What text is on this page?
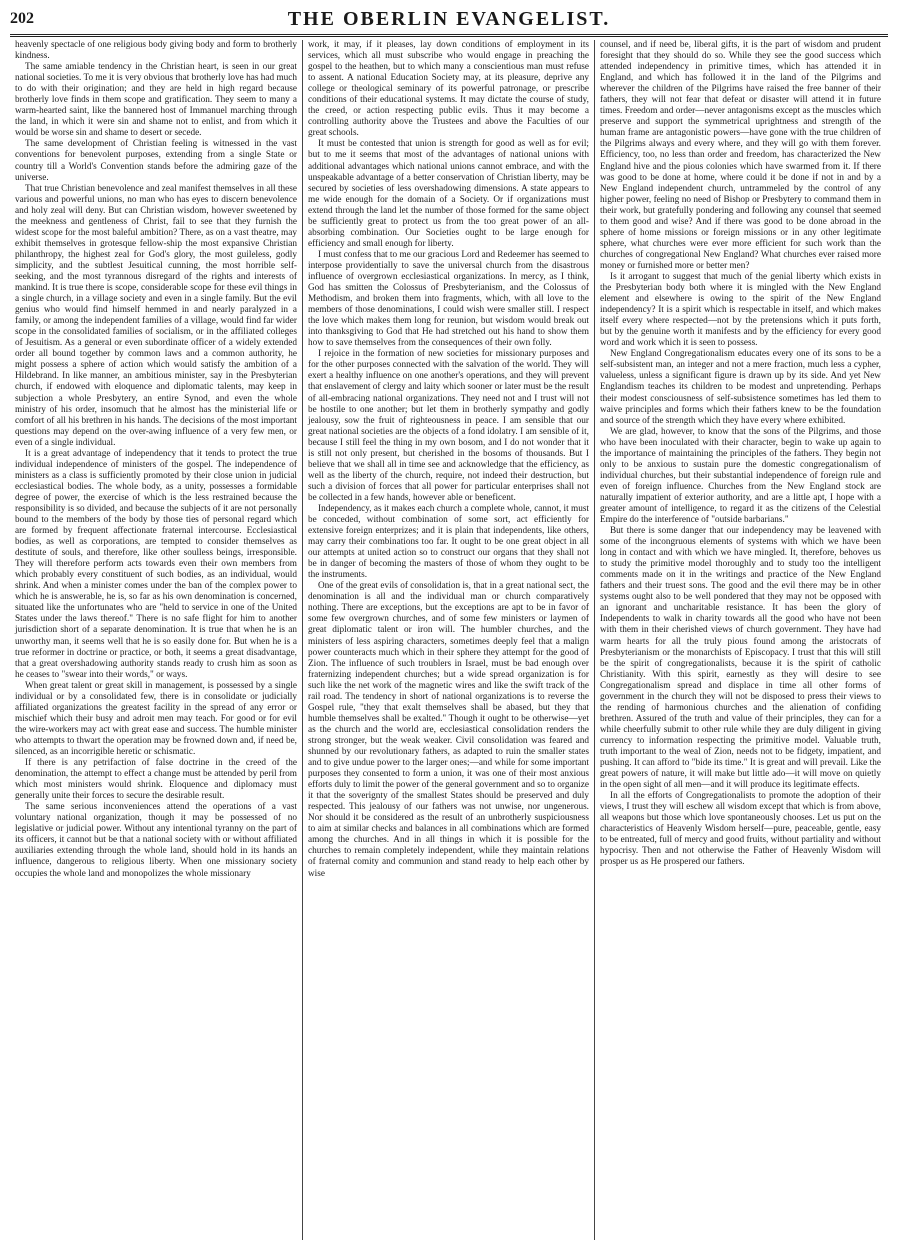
202	THE OBERLIN EVANGELIST.

heavenly spectacle of one religious body giving body and form to brotherly kindness.

The same amiable tendency in the Christian heart, is seen in our great national societies. To me it is very obvious that brotherly love has had much to do with their origination; and they are held in high regard because brotherly love finds in them scope and gratification. They seem to many a warm-hearted saint, like the bannered host of Immanuel marching through the land, in which it were sin and shame not to enlist, and from which it would be worse sin and shame to desert or secede.

The same development of Christian feeling is witnessed in the vast conventions for benevolent purposes, extending from a single State or country till a World's Convention stands before the admiring gaze of the universe.

That true Christian benevolence and zeal manifest themselves in all these various and powerful unions, no man who has eyes to discern benevolence and holy zeal will deny. But can Christian wisdom, however sweetened by the meekness and gentleness of Christ, fail to see that they furnish the widest scope for the most baleful ambition? There, as on a vast theatre, may exhibit themselves in grotesque fellow-ship the most expansive Christian philanthropy, the highest zeal for God's glory, the most guileless, godly simplicity, and the subtlest Jesuitical cunning, the most horrible self-seeking, and the most tyrannous disregard of the rights and interests of mankind. It is true there is scope, considerable scope for these evil things in a single church, in a village society and even in a single family. But the evil genius who would find himself hemmed in and nearly paralyzed in a family, or among the independent families of a village, would find far wider scope in the consolidated families of socialism, or in the affiliated colleges of Jesuitism. As a general or even subordinate officer of a widely extended order all bound together by common laws and a common authority, he might possess a sphere of action which would satisfy the ambition of a Hildebrand. In like manner, an ambitious minister, say in the Presbyterian church, if endowed with eloquence and diplomatic talents, may keep in subjection a whole Presbytery, an entire Synod, and even the whole ministry of his order, insomuch that he almost has the ministerial life or comfort of all his brethren in his hands. The decisions of the most important questions may depend on the over-awing influence of a very few men, or even of a single individual.

It is a great advantage of independency that it tends to protect the true individual independence of ministers of the gospel. The independence of ministers as a class is sufficiently promoted by their close union in judicial ecclesiastical bodies. The whole body, as a unity, possesses a formidable degree of power, the exercise of which is the less restrained because the responsibility is so divided, and because the subjects of it are not personally bound to the members of the body by those ties of personal regard which are formed by frequent affectionate fraternal intercourse. Ecclesiastical bodies, as well as corporations, are tempted to consider themselves as destitute of souls, and therefore, like other soulless beings, irresponsible. They will therefore perform acts towards even their own members from which probably every constituent of such bodies, as an individual, would shrink. And when a minister comes under the ban of the complex power to which he is answerable, he is, so far as his own denomination is concerned, situated like the unfortunates who are "held to service in one of the United States under the laws thereof." There is no safe flight for him to another jurisdiction short of a separate denomination. It is true that when he is an unworthy man, it seems well that he is so easily done for. But when he is a true reformer in doctrine or practice, or both, it seems a great disadvantage, that a great overshadowing authority stands ready to crush him as soon as he ceases to "swear into their words," or ways.

When great talent or great skill in management, is possessed by a single individual or by a consolidated few, there is in consolidate or judicially affiliated organizations the greatest facility in the spread of any error or mischief which their busy and adroit men may teach. For good or for evil the wire-workers may act with great ease and success. The humble minister who attempts to thwart the operation may be frowned down and, if need be, silenced, as an incorrigible heretic or schismatic.

If there is any petrifaction of false doctrine in the creed of the denomination, the attempt to effect a change must be attended by peril from which most ministers would shrink. Eloquence and diplomacy must generally unite their forces to secure the desirable result.

The same serious inconveniences attend the operations of a vast voluntary national organization, though it may be possessed of no legislative or judicial power. Without any intentional tyranny on the part of its officers, it cannot but be that a national society with or without affiliated auxiliaries extending through the whole land, should hold in its hands an influence, dangerous to religious liberty. When one missionary society occupies the whole land and monopolizes the whole missionary

work, it may, if it pleases, lay down conditions of employment in its services, which all must subscribe who would engage in preaching the gospel to the heathen, but to which many a conscientious man must refuse to assent. A national Education Society may, at its pleasure, deprive any college or theological seminary of its powerful patronage, or prescribe conditions of their educational systems. It may dictate the course of study, the creed, or action respecting public evils. Thus it may become a controlling authority above the Trustees and above the Faculties of our great schools.

It must be contested that union is strength for good as well as for evil; but to me it seems that most of the advantages of national unions with additional advantages which national unions cannot embrace, and with the unspeakable advantage of a better conservation of Christian liberty, may be secured by societies of less overshadowing dimensions. A state appears to me wide enough for the domain of a Society. Or if organizations must extend through the land let the number of those formed for the same object be sufficiently great to protect us from the too great power of an all-absorbing combination. Our Societies ought to be large enough for efficiency and small enough for liberty.

I must confess that to me our gracious Lord and Redeemer has seemed to interpose providentially to save the universal church from the disastrous influence of overgrown ecclesiastical organizations. In mercy, as I think, God has smitten the Colossus of Presbyterianism, and the Colossus of Methodism, and broken them into fragments, which, with all love to the members of those denominations, I could wish were smaller still. I respect the love which makes them long for reunion, but wisdom would break out into thanksgiving to God that He had stretched out his hand to show them how to save themselves from the consequences of their own folly.

I rejoice in the formation of new societies for missionary purposes and for the other purposes connected with the salvation of the world. They will exert a healthy influence on one another's operations, and they will prevent that enslavement of clergy and laity which sooner or later must be the result of all-embracing national organizations. They need not and I trust will not be hostile to one another; but let them in brotherly sympathy and godly jealousy, sow the fruit of righteousness in peace. I am sensible that our great national societies are the objects of a fond idolatry. I am sensible of it, because I still feel the thing in my own bosom, and I do not wonder that it is still not only present, but cherished in the bosoms of thousands. But I believe that we shall all in time see and acknowledge that the efficiency, as well as the liberty of the church, require, not indeed their destruction, but such a division of forces that all power for particular enterprises shall not be collected in a few hands, however able or beneficent.

Independency, as it makes each church a complete whole, cannot, it must be conceded, without combination of some sort, act efficiently for extensive foreign enterprizes; and it is plain that independents, like others, may carry their combinations too far. It ought to be one great object in all our attempts at united action so to construct our organs that they shall not be in danger of becoming the masters of those of whom they ought to be the instruments.

One of the great evils of consolidation is, that in a great national sect, the denomination is all and the individual man or church comparatively nothing. There are exceptions, but the exceptions are apt to be in favor of some few overgrown churches, and of some few ministers or laymen of great diplomatic talent or iron will. The humbler churches, and the ministers of less aspiring characters, sometimes deeply feel that a malign power counteracts much which in their sphere they attempt for the good of Zion. The influence of such troublers in Israel, must be bad enough over fraternizing independent churches; but a wide spread organization is for such like the net work of the magnetic wires and like the swift track of the rail road. The tendency in short of national organizations is to reverse the Gospel rule, "they that exalt themselves shall be abased, but they that humble themselves shall be exalted." Though it ought to be otherwise—yet as the church and the world are, ecclesiastical consolidation renders the strong stronger, but the weak weaker. Civil consolidation was feared and shunned by our revolutionary fathers, as adapted to ruin the smaller states and to give undue power to the larger ones;—and while for some important purposes they consented to form a union, it was one of their most anxious efforts duly to limit the power of the general government and so to organize it that the soverignty of the smallest States should be preserved and duly respected. This jealousy of our fathers was not unwise, nor ungenerous. Nor should it be considered as the result of an unbrotherly suspiciousness to aim at similar checks and balances in all combinations which are formed among the churches. And in all things in which it is possible for the churches to remain completely independent, while they maintain relations of fraternal comity and communion and stand ready to help each other by wise

counsel, and if need be, liberal gifts, it is the part of wisdom and prudent foresight that they should do so. While they see the good success which attended independency in primitive times, which has attended it in England, and which has followed it in the land of the Pilgrims and wherever the children of the Pilgrims have raised the free banner of their fathers, they will not fear that defeat or disaster will attend it in future times. Freedom and order—never antagonisms except as the muscles which preserve and support the symmetrical uprightness and strength of the human frame are antagonistic powers—have gone with the true children of the Pilgrims always and every where, and they will go with them forever. Efficiency, too, no less than order and freedom, has characterized the New England hive and the pious colonies which have swarmed from it. If there was good to be done at home, where could it be done if not in and by a New England independent church, untrammeled by the control of any higher power, feeling no need of Bishop or Presbytery to command them in their work, but gratefully pondering and following any counsel that seemed to them good and wise? And if there was good to be done abroad in the sphere of home missions or foreign missions or in any other legitimate sphere, what churches were ever more efficient for such work than the churches of congregational New England? What churches ever raised more money or furnished more or better men?

Is it arrogant to suggest that much of the genial liberty which exists in the Presbyterian body both where it is mingled with the New England element and elsewhere is owing to the spirit of the New England independency? It is a spirit which is respectable in itself, and which makes itself every where respected—not by the pretensions which it puts forth, but by the genuine worth it manifests and by the efficiency for every good word and work which it is seen to possess.

New England Congregationalism educates every one of its sons to be a self-subsistent man, an integer and not a mere fraction, much less a cypher, valueless, unless a significant figure is drawn up by its side. And yet New Englandism teaches its children to be modest and unpretending. Perhaps their modest consciousness of self-subsistence sometimes has led them to waive principles and forms which their fathers knew to be the foundation and source of the strength which they have every where exhibited.

We are glad, however, to know that the sons of the Pilgrims, and those who have been inoculated with their character, begin to wake up again to the importance of maintaining the principles of the fathers. They begin not only to be anxious to sustain pure the domestic congregationalism of individual churches, but their substantial independence of foreign rule and even of foreign influence. Churches from the New England stock are naturally impatient of exterior authority, and are a little apt, I hope with a greater amount of intelligence, to regard it as the citizens of the Celestial Empire do the interference of "outside barbarians."

But there is some danger that our independency may be leavened with some of the incongruous elements of systems with which we have been long in contact and with which we have mingled. It, therefore, behoves us to study the primitive model thoroughly and to study too the intelligent comments made on it in the writings and practice of the New England fathers and their truest sons. The good and the evil there may be in other systems ought also to be well pondered that they may not be opposed with an ignorant and uncharitable resistance. It has been the glory of Independents to walk in charity towards all the good who have not been with them in their cherished views of church government. They have had warm hearts for all the truly pious found among the aristocrats of Presbyterianism or the monarchists of Episcopacy. I trust that this will still be the spirit of congregationalists, because it is the spirit of catholic Christianity. With this spirit, earnestly as they will desire to see Congregationalism spread and displace in time all other forms of government in the church they will not be disposed to press their views to the rending of harmonious churches and the alienation of confiding brethren. Assured of the truth and value of their principles, they can for a while cheerfully submit to other rule while they are duly diligent in giving currency to information respecting the primitive model. Valuable truth, truth important to the weal of Zion, needs not to be fidgety, impatient, and pushing. It can afford to "bide its time." It is great and will prevail. Like the great powers of nature, it will make but little ado—it will move on quietly in the open sight of all men—and it will produce its legitimate effects.

In all the efforts of Congregationalists to promote the adoption of their views, I trust they will eschew all wisdom except that which is from above, all weapons but those which love spontaneously chooses. Let us put on the characteristics of Heavenly Wisdom herself—pure, peaceable, gentle, easy to be entreated, full of mercy and good fruits, without partiality and without hypocrisy. Then and not otherwise the Father of Heavenly Wisdom will prosper us as He prospered our fathers.
